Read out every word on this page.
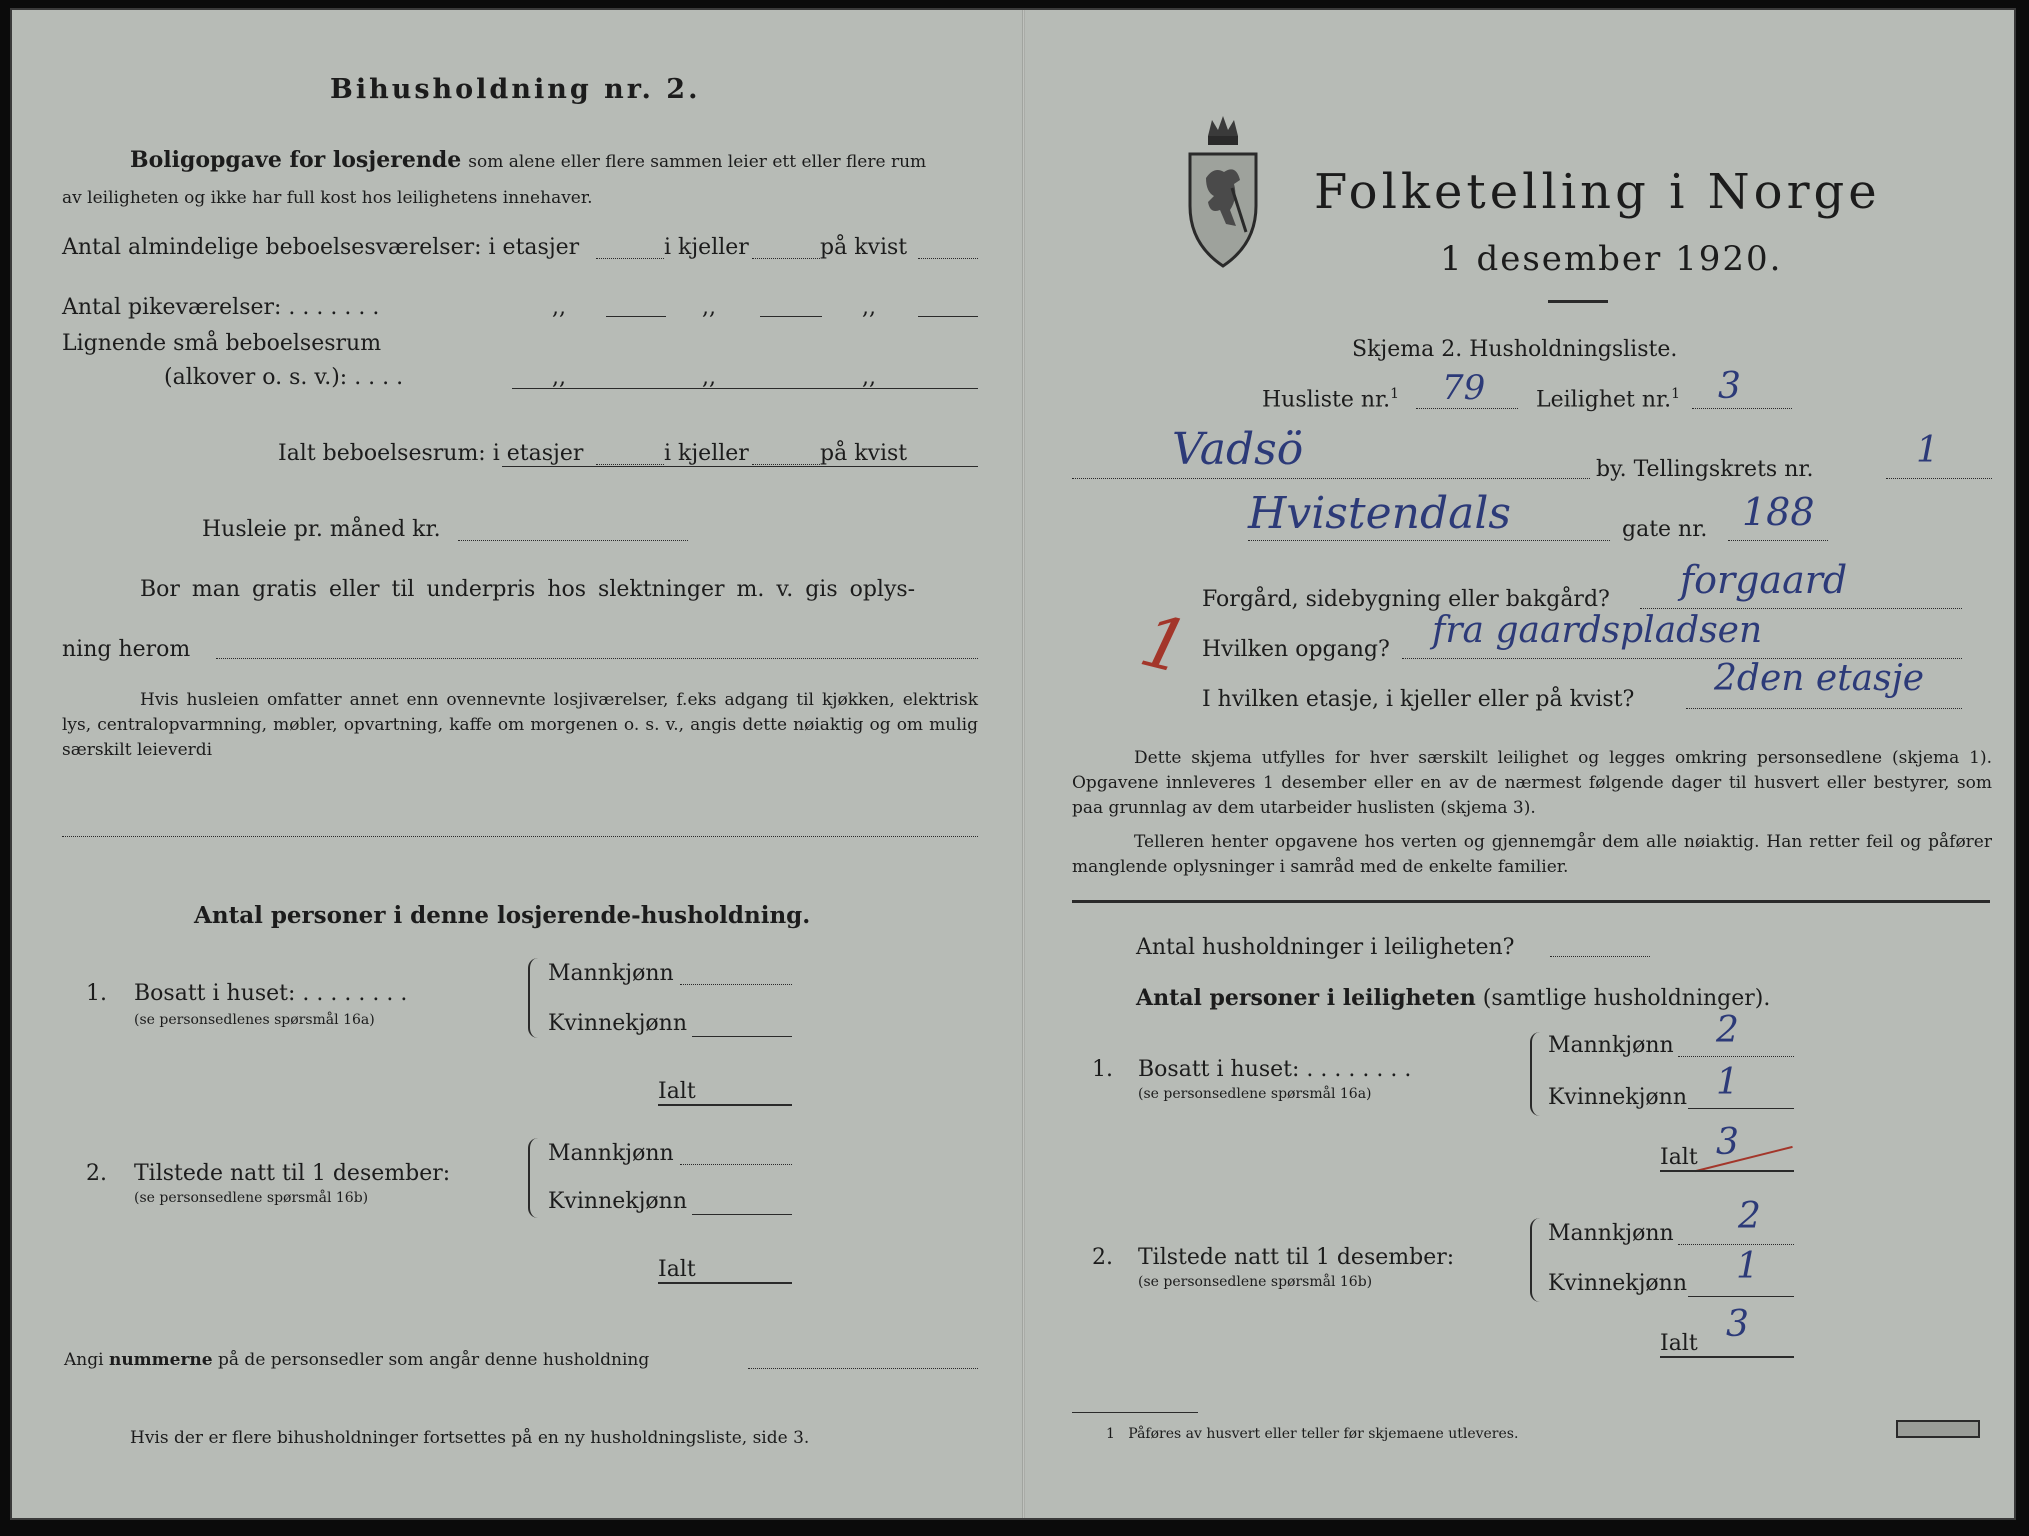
Bihusholdning nr. 2.
Boligopgave for losjerende som alene eller flere sammen leier ett eller flere rum
av leiligheten og ikke har full kost hos leilighetens innehaver.
Antal almindelige beboelsesværelser: i etasjer	i kjeller	på kvist
Antal pikeværelser: . . . . . . .	,,	,,	,,
Lignende små beboelsesrum
(alkover o. s. v.): . . . .	,,	,,	,,
Ialt beboelsesrum: i etasjer	i kjeller	på kvist
Husleie pr. måned kr.
Bor man gratis eller til underpris hos slektninger m. v. gis oplys-
ning herom
Hvis husleien omfatter annet enn ovennevnte losjiværelser, f.eks adgang til kjøkken, elektrisk lys, centralopvarmning, møbler, opvartning, kaffe om morgenen o. s. v., angis dette nøiaktig og om mulig særskilt leieverdi
Antal personer i denne losjerende-husholdning.
1. Bosatt i huset: . . . . . . . .
(se personsedlenes spørsmål 16a)
Mannkjønn
Kvinnekjønn
Ialt
2. Tilstede natt til 1 desember:
(se personsedlene spørsmål 16b)
Mannkjønn
Kvinnekjønn
Ialt
Angi nummerne på de personsedler som angår denne husholdning
Hvis der er flere bihusholdninger fortsettes på en ny husholdningsliste, side 3.
Folketelling i Norge
1 desember 1920.
Skjema 2. Husholdningsliste.
Husliste nr.$^1$ 79 Leilighet nr.$^1$ 3
Vadsö	by. Tellingskrets nr.	1
Hvistendals	gate nr. 188
1 Forgård, sidebygning eller bakgård? forgaard
Hvilken opgang? fra gaardspladsen
I hvilken etasje, i kjeller eller på kvist?
2den etasje
Dette skjema utfylles for hver særskilt leilighet og legges omkring personsedlene (skjema 1). Opgavene innleveres 1 desember eller en av de nærmest følgende dager til husvert eller bestyrer, som paa grunnlag av dem utarbeider huslisten (skjema 3).
Telleren henter opgavene hos verten og gjennemgår dem alle nøiaktig. Han retter feil og påfører manglende oplysninger i samråd med de enkelte familier.
Antal husholdninger i leiligheten?
Antal personer i leiligheten (samtlige husholdninger).
1. Bosatt i huset: . . . . . . . .
(se personsedlene spørsmål 16a)
Mannkjønn 2
Kvinnekjønn 1
Ialt 3
2. Tilstede natt til 1 desember:
(se personsedlene spørsmål 16b)
Mannkjønn 2
Kvinnekjønn 1
Ialt 3
1 Påføres av husvert eller teller før skjemaene utleveres.
